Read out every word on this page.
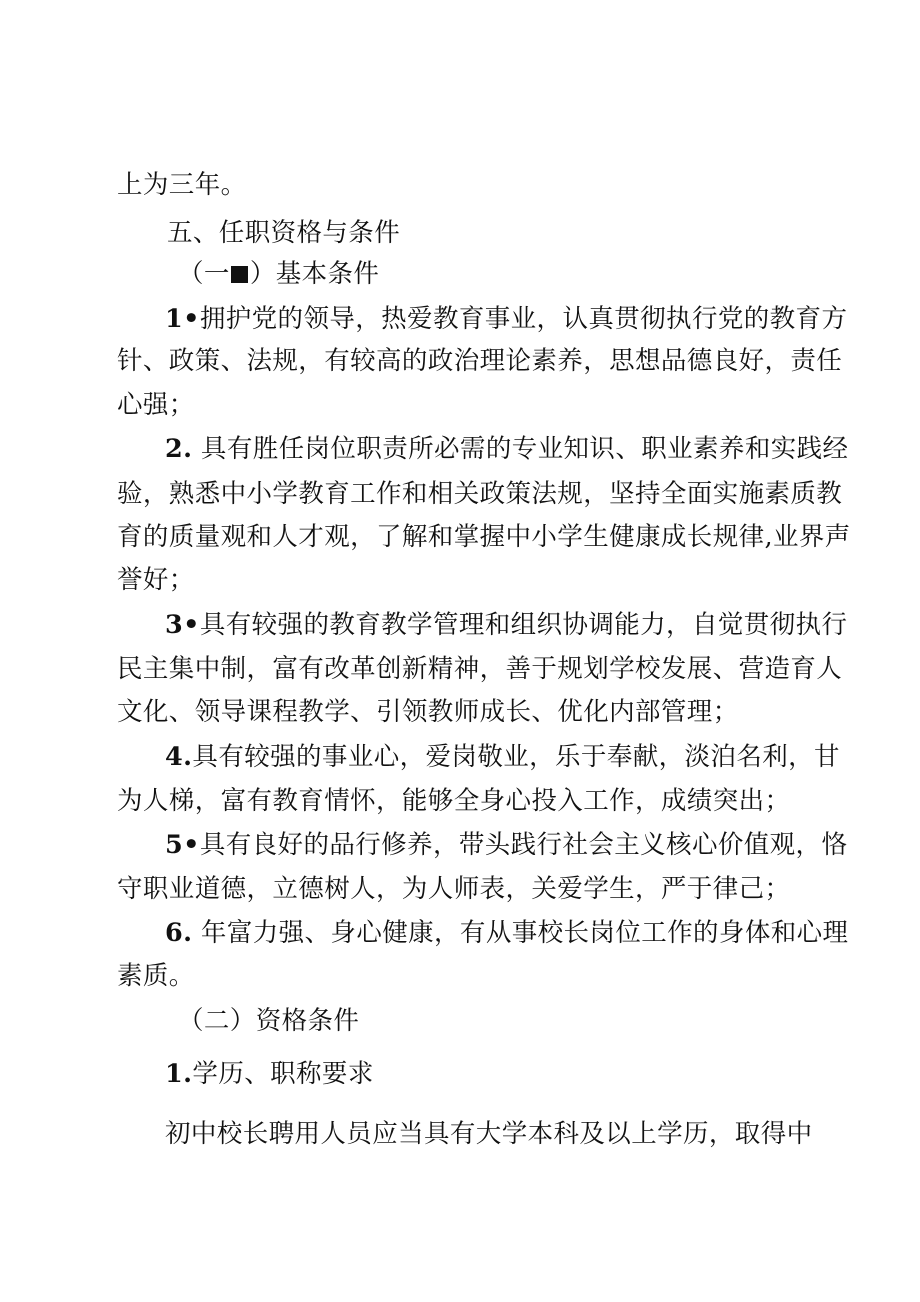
上为三年。
五、任职资格与条件
（一 ）基本条件
1•拥护党的领导，热爱教育事业，认真贯彻执行党的教育方
针、政策、法规，有较高的政治理论素养，思想品德良好，责任
心强；
2. 具有胜任岗位职责所必需的专业知识、职业素养和实践经
验，熟悉中小学教育工作和相关政策法规，坚持全面实施素质教
育的质量观和人才观，了解和掌握中小学生健康成长规律,业界声
誉好；
3•具有较强的教育教学管理和组织协调能力，自觉贯彻执行
民主集中制，富有改革创新精神，善于规划学校发展、营造育人
文化、领导课程教学、引领教师成长、优化内部管理；
4.具有较强的事业心，爱岗敬业，乐于奉献，淡泊名利，甘
为人梯，富有教育情怀，能够全身心投入工作，成绩突出；
5•具有良好的品行修养，带头践行社会主义核心价值观，恪
守职业道德，立德树人，为人师表，关爱学生，严于律己；
6. 年富力强、身心健康，有从事校长岗位工作的身体和心理
素质。
（二）资格条件
1.学历、职称要求
初中校长聘用人员应当具有大学本科及以上学历，取得中
